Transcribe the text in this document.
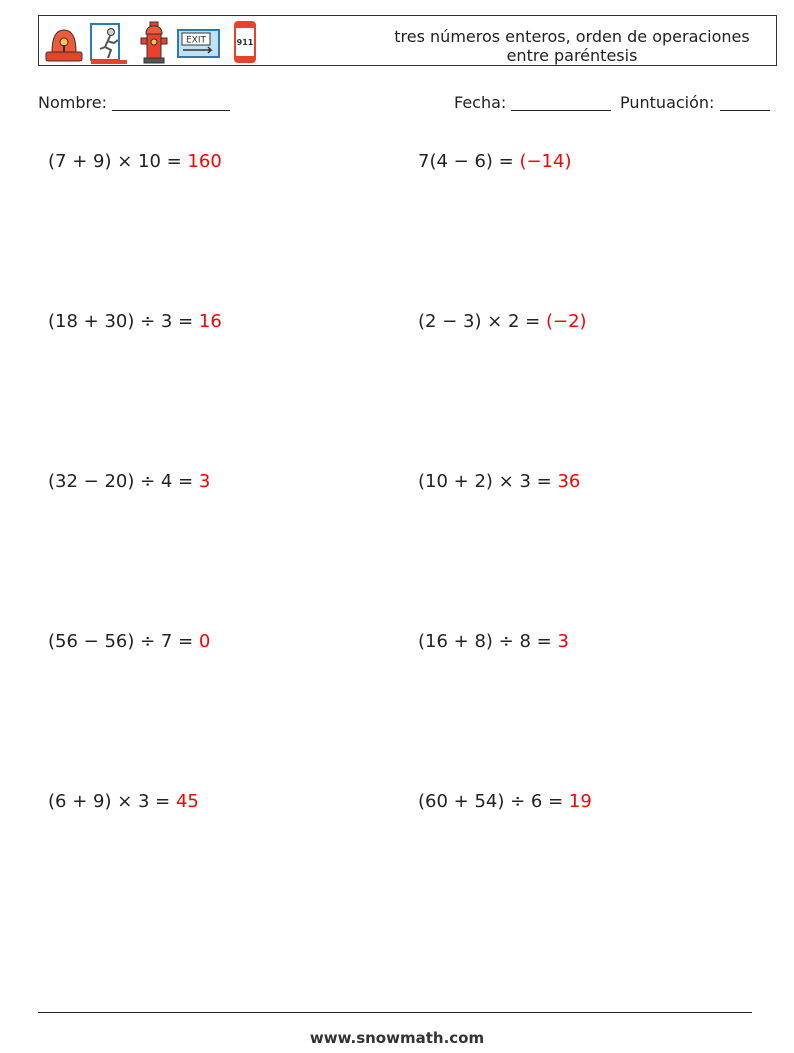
EXIT	911	tres números enteros, orden de operaciones
entre paréntesis
Nombre:	Fecha:	Puntuación:
(7 + 9) × 10 = 160	7(4 − 6) = (−14)
(18 + 30) ÷ 3 = 16	(2 − 3) × 2 = (−2)
(32 − 20) ÷ 4 = 3	(10 + 2) × 3 = 36
(56 − 56) ÷ 7 = 0	(16 + 8) ÷ 8 = 3
(6 + 9) × 3 = 45	(60 + 54) ÷ 6 = 19
www.snowmath.com
